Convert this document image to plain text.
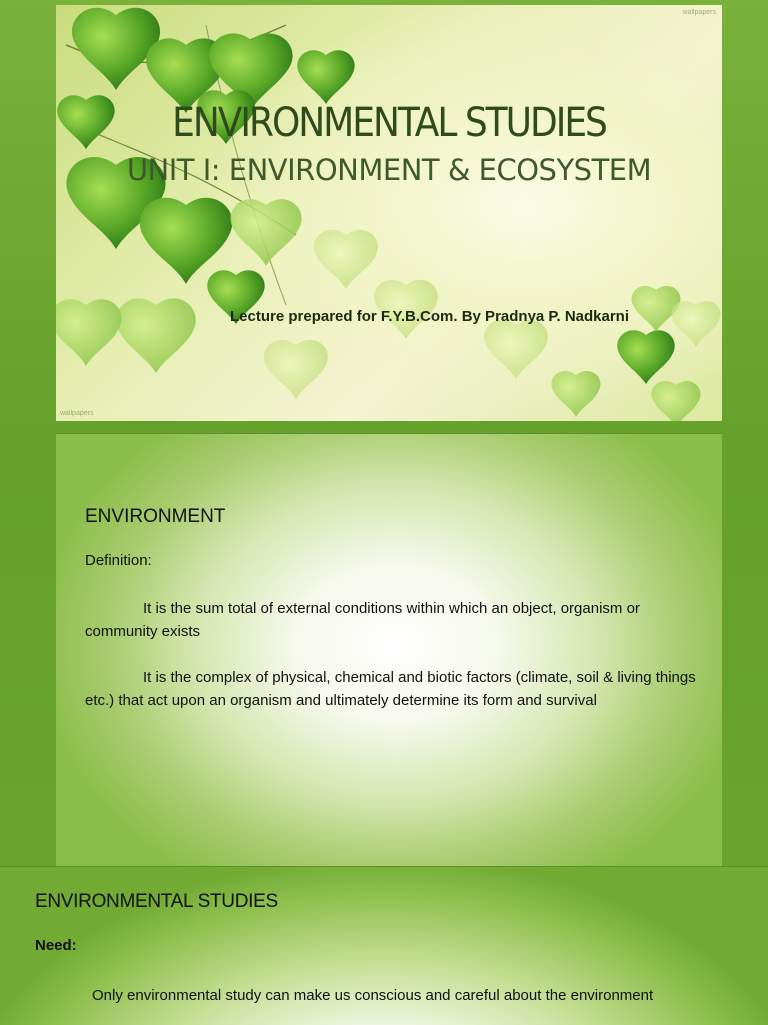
wallpapers
wallpapers
ENVIRONMENTAL STUDIES
UNIT I: ENVIRONMENT & ECOSYSTEM
Lecture prepared for F.Y.B.Com. By Pradnya P. Nadkarni
ENVIRONMENT
Definition:
It is the sum total of external conditions within which an object, organism or community exists
It is the complex of physical, chemical and biotic factors (climate, soil & living things etc.) that act upon an organism and ultimately determine its form and survival
ENVIRONMENTAL STUDIES
Need:
Only environmental study can make us conscious and careful about the environment
